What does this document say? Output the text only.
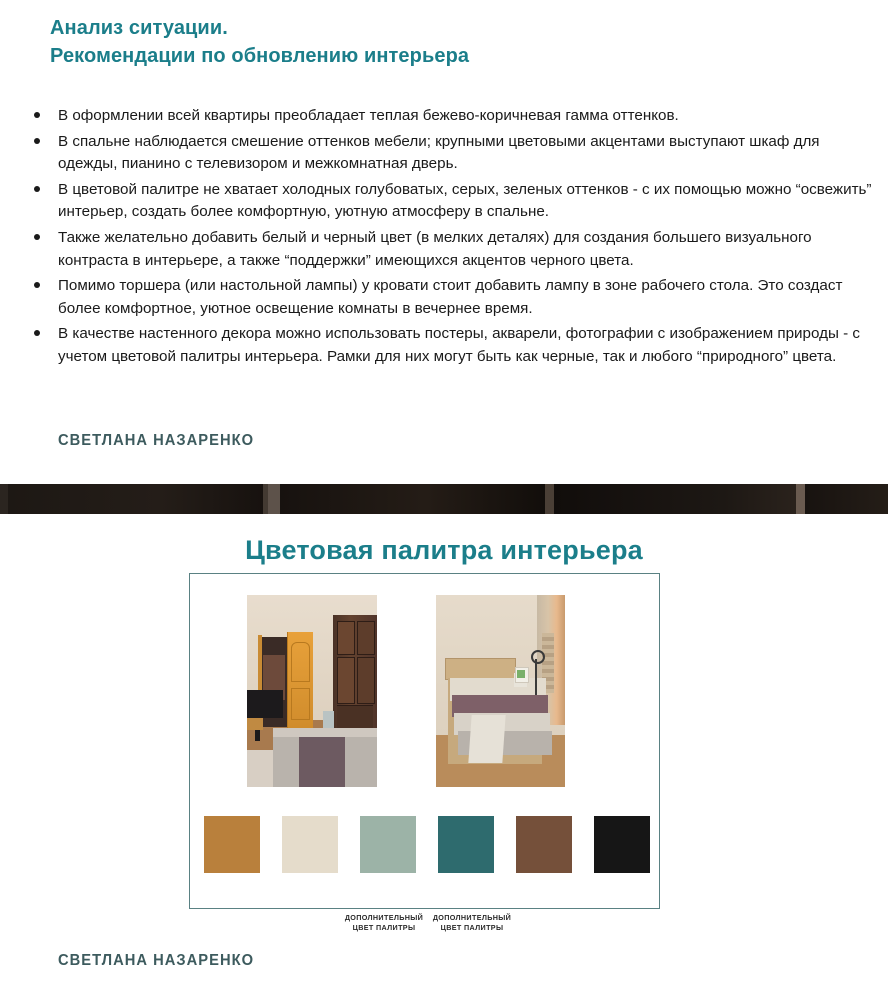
Анализ ситуации.
Рекомендации по обновлению интерьера
В оформлении всей квартиры преобладает теплая бежево-коричневая гамма оттенков.
В спальне наблюдается смешение оттенков мебели; крупными цветовыми акцентами выступают шкаф для одежды, пианино с телевизором и межкомнатная дверь.
В цветовой палитре не хватает холодных голубоватых, серых, зеленых оттенков - с их помощью можно “освежить” интерьер, создать более комфортную, уютную атмосферу в спальне.
Также желательно добавить белый и черный цвет (в мелких деталях) для создания большего визуального контраста в интерьере, а также “поддержки” имеющихся акцентов черного цвета.
Помимо торшера (или настольной лампы) у кровати стоит добавить лампу в зоне рабочего стола. Это создаст более комфортное, уютное освещение комнаты в вечернее время.
В качестве настенного декора можно использовать постеры, акварели, фотографии с изображением природы - с учетом цветовой палитры интерьера. Рамки для них могут быть как черные, так и любого “природного” цвета.
СВЕТЛАНА НАЗАРЕНКО
Цветовая палитра интерьера
ДОПОЛНИТЕЛЬНЫЙ
ЦВЕТ ПАЛИТРЫ
ДОПОЛНИТЕЛЬНЫЙ
ЦВЕТ ПАЛИТРЫ
СВЕТЛАНА НАЗАРЕНКО
